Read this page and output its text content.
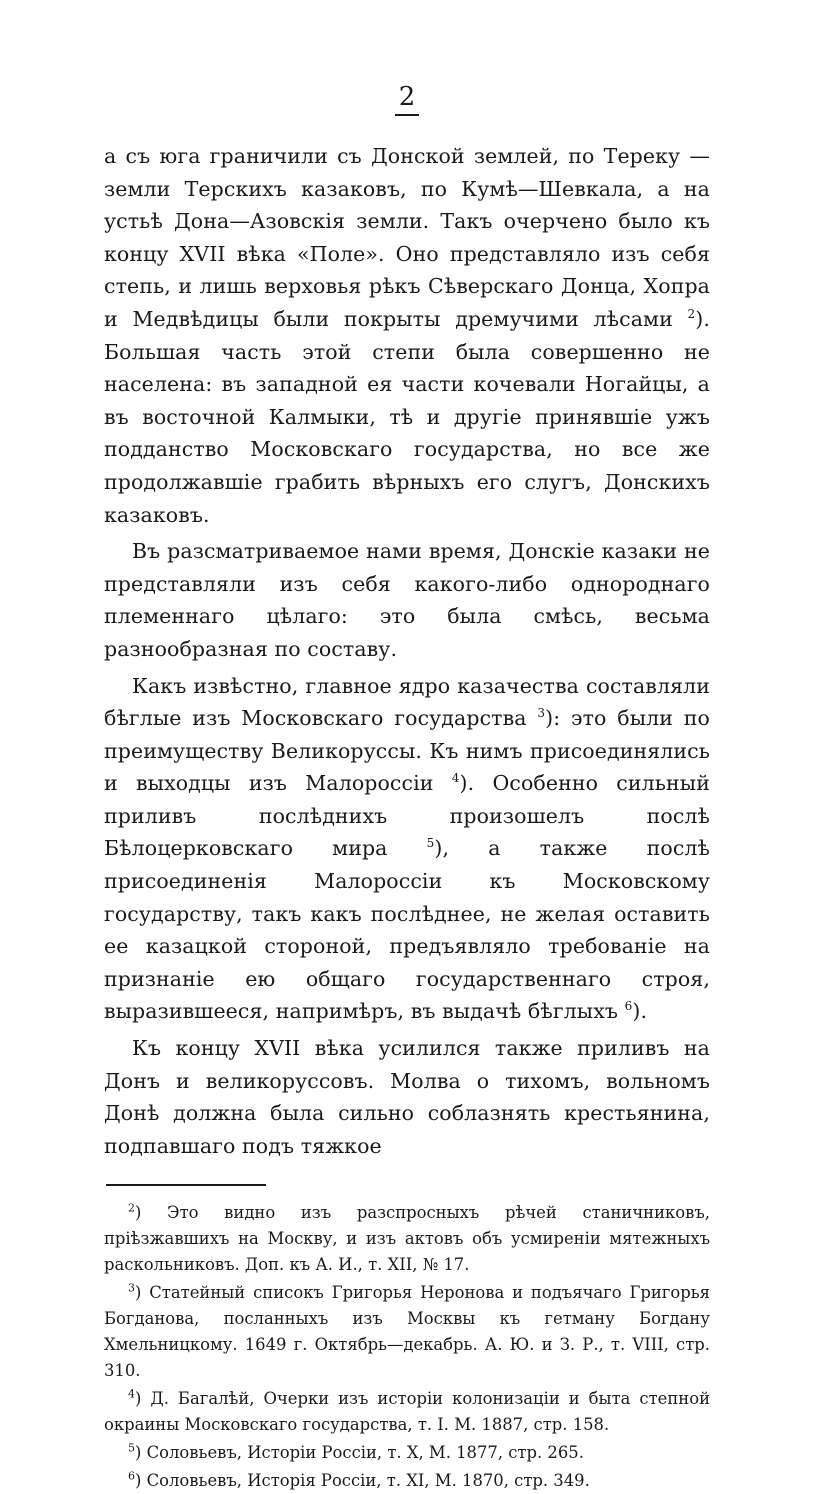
2

а съ юга граничили съ Донской землей, по Тереку — земли Терскихъ казаковъ, по Кумѣ—Шевкала, а на устьѣ Дона—Азовскія земли. Такъ очерчено было къ концу XVII вѣка «Поле». Оно представляло изъ себя степь, и лишь верховья рѣкъ Сѣверскаго Донца, Хопра и Медвѣдицы были покрыты дремучими лѣсами $^2$). Большая часть этой степи была совершенно не населена: въ западной ея части кочевали Ногайцы, а въ восточной Калмыки, тѣ и другіе принявшіе ужъ подданство Московскаго государства, но все же продолжавшіе грабить вѣрныхъ его слугъ, Донскихъ казаковъ.

Въ разсматриваемое нами время, Донскіе казаки не представляли изъ себя какого-либо однороднаго племеннаго цѣлаго: это была смѣсь, весьма разнообразная по составу.

Какъ извѣстно, главное ядро казачества составляли бѣглые изъ Московскаго государства $^3$): это были по преимуществу Великоруссы. Къ нимъ присоединялись и выходцы изъ Малороссіи $^4$). Особенно сильный приливъ послѣднихъ произошелъ послѣ Бѣлоцерковскаго мира $^5$), а также послѣ присоединенія Малороссіи къ Московскому государству, такъ какъ послѣднее, не желая оставить ее казацкой стороной, предъявляло требованіе на признаніе ею общаго государственнаго строя, выразившееся, напримѣръ, въ выдачѣ бѣглыхъ $^6$).

Къ концу XVII вѣка усилился также приливъ на Донъ и великоруссовъ. Молва о тихомъ, вольномъ Донѣ должна была сильно соблазнять крестьянина, подпавшаго подъ тяжкое

$^2$) Это видно изъ разспросныхъ рѣчей станичниковъ, пріѣзжавшихъ на Москву, и изъ актовъ объ усмиреніи мятежныхъ раскольниковъ. Доп. къ А. И., т. XII, № 17.

$^3$) Статейный списокъ Григорья Неронова и подъячаго Григорья Богданова, посланныхъ изъ Москвы къ гетману Богдану Хмельницкому. 1649 г. Октябрь—декабрь. А. Ю. и З. Р., т. VIII, стр. 310.

$^4$) Д. Багалѣй, Очерки изъ исторіи колонизаціи и быта степной окраины Московскаго государства, т. I. М. 1887, стр. 158.

$^5$) Соловьевъ, Исторіи Россіи, т. X, М. 1877, стр. 265.

$^6$) Соловьевъ, Исторія Россіи, т. XI, М. 1870, стр. 349.
